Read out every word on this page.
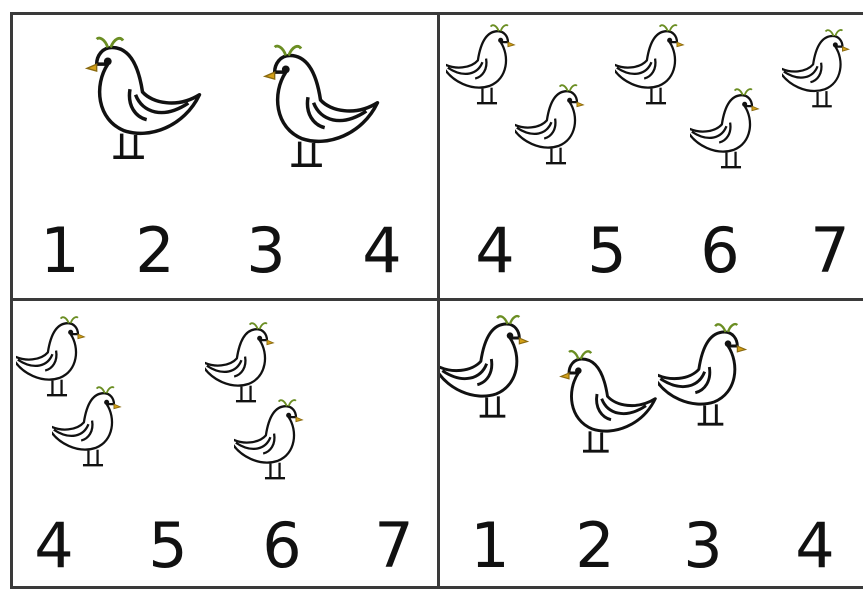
1 2 3 4 4 5 6 7
4 5 6 7 1 2 3 4
